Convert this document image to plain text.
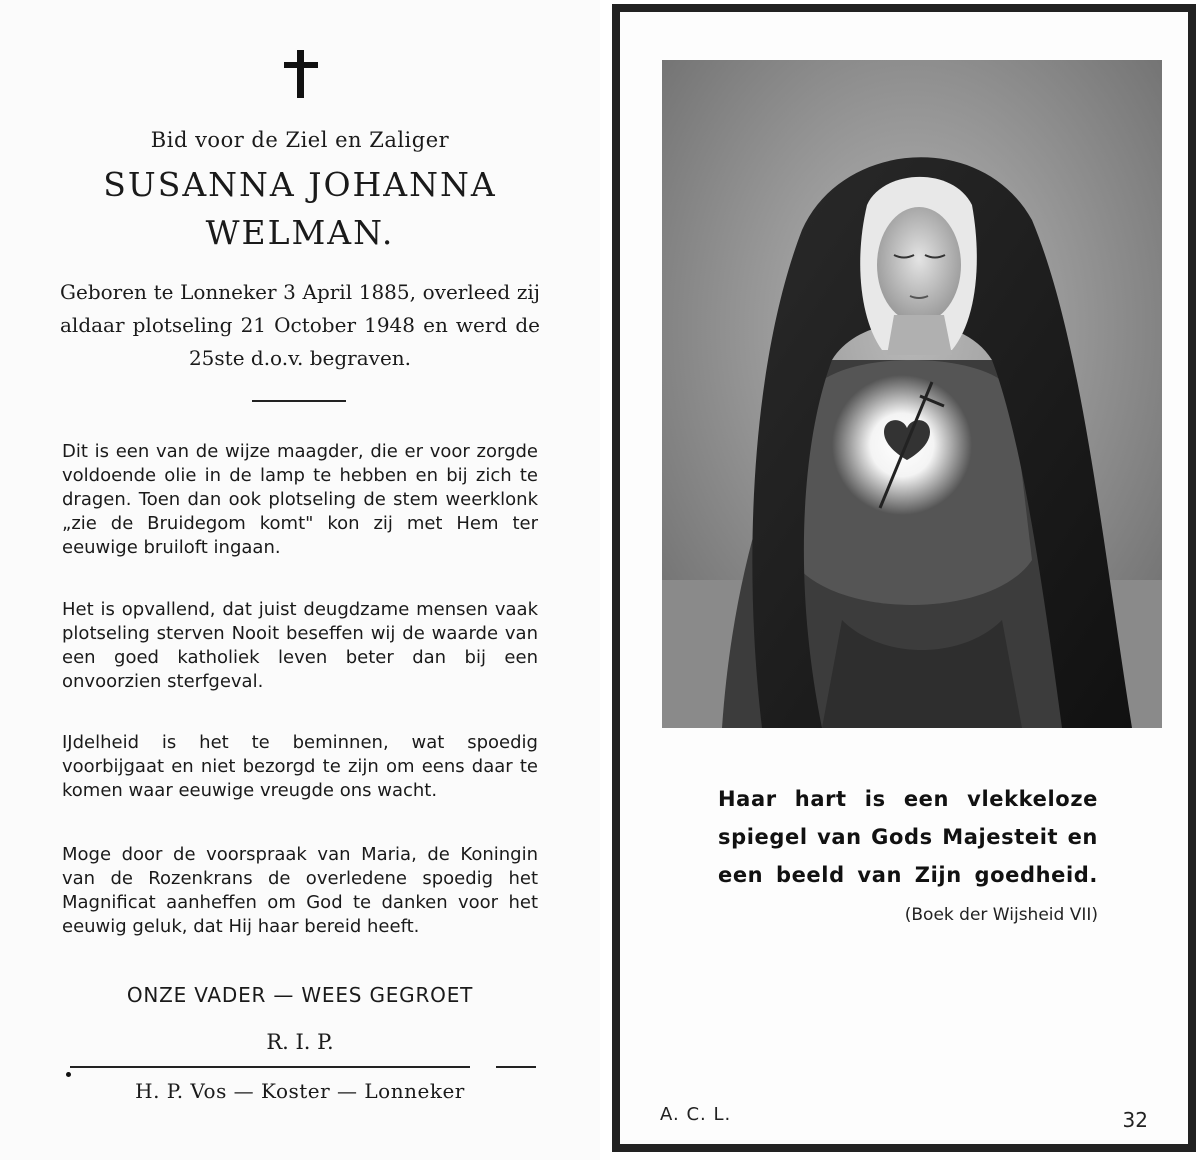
Bid voor de Ziel en Zaliger
SUSANNA JOHANNA
WELMAN.
Geboren te Lonneker 3 April 1885, overleed zij aldaar plotseling 21 October 1948 en werd de 25ste d.o.v. begraven.
Dit is een van de wijze maagder, die er voor zorgde voldoende olie in de lamp te hebben en bij zich te dragen. Toen dan ook plotseling de stem weerklonk „zie de Bruidegom komt" kon zij met Hem ter eeuwige bruiloft ingaan.
Het is opvallend, dat juist deugdzame mensen vaak plotseling sterven Nooit beseffen wij de waarde van een goed katholiek leven beter dan bij een onvoorzien sterfgeval.
IJdelheid is het te beminnen, wat spoedig voorbijgaat en niet bezorgd te zijn om eens daar te komen waar eeuwige vreugde ons wacht.
Moge door de voorspraak van Maria, de Koningin van de Rozenkrans de overledene spoedig het Magnificat aanheffen om God te danken voor het eeuwig geluk, dat Hij haar bereid heeft.
ONZE VADER — WEES GEGROET
R. I. P.
H. P. Vos — Koster — Lonneker
Haar hart is een vlekkeloze
spiegel van Gods Majesteit en
een beeld van Zijn goedheid.
(Boek der Wijsheid VII)
A. C. L.	32
